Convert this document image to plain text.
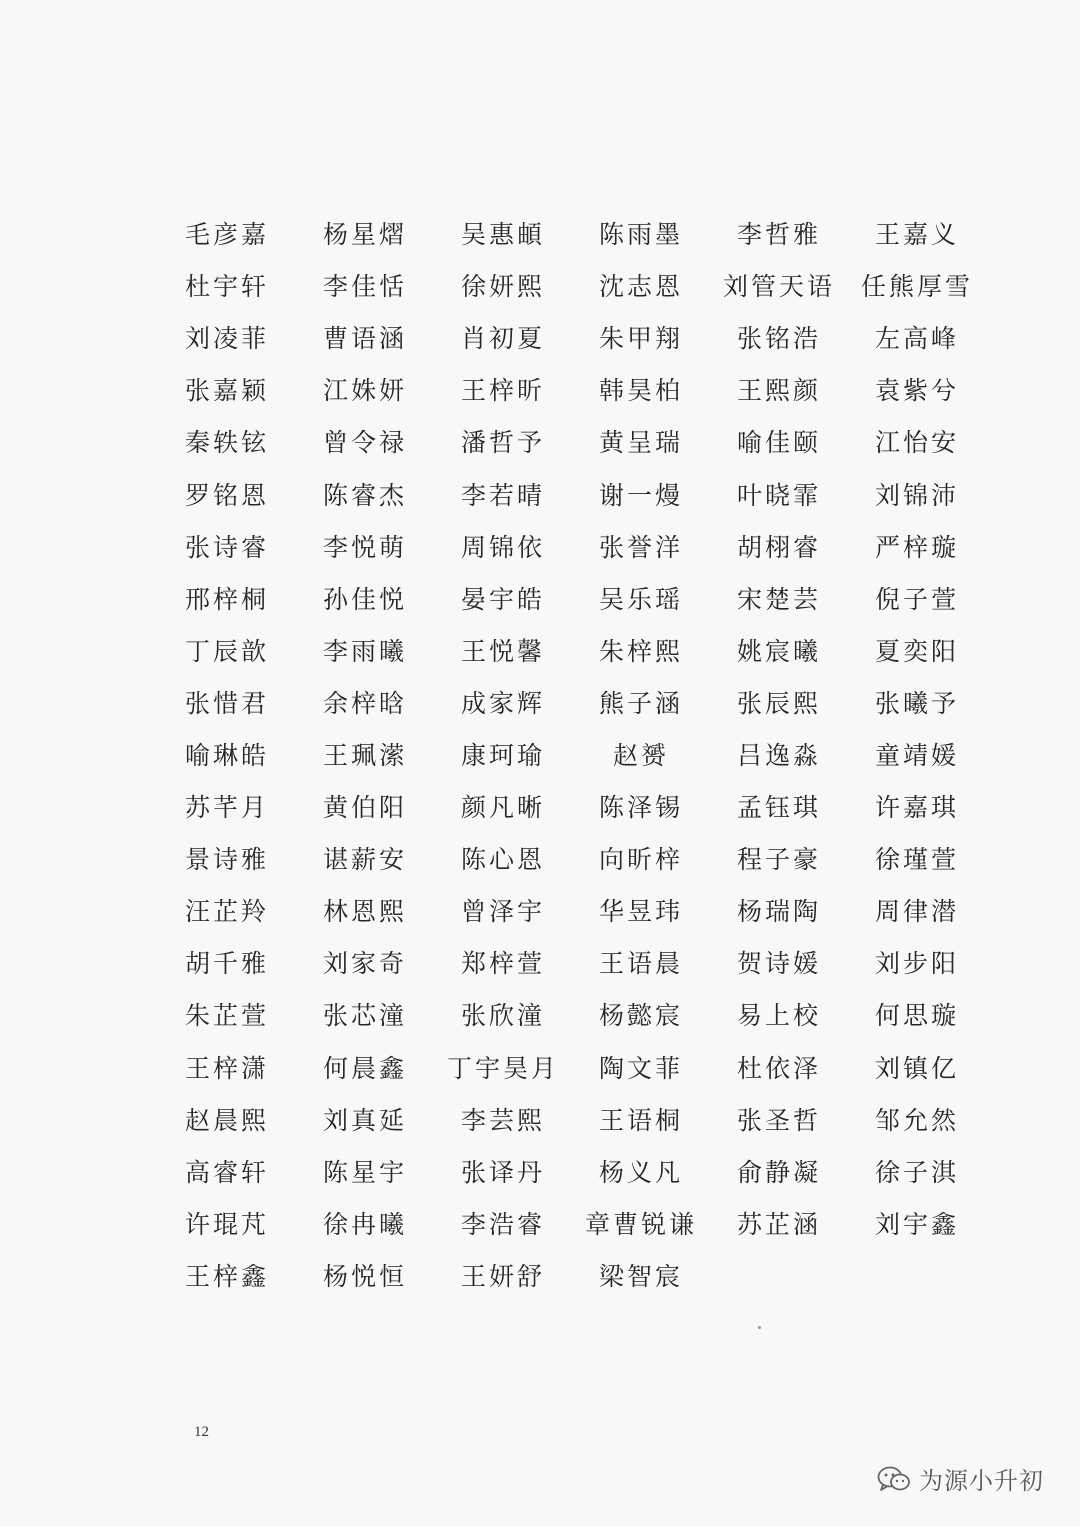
毛彦嘉	杨星熠	吴惠頔	陈雨墨	李哲雅	王嘉义
杜宇轩	李佳恬	徐妍熙	沈志恩	刘管天语	任熊厚雪
刘凌菲	曹语涵	肖初夏	朱甲翔	张铭浩	左高峰
张嘉颖	江姝妍	王梓昕	韩昊柏	王熙颜	袁紫兮
秦轶铉	曾令禄	潘哲予	黄呈瑞	喻佳颐	江怡安
罗铭恩	陈睿杰	李若晴	谢一熳	叶晓霏	刘锦沛
张诗睿	李悦萌	周锦依	张誉洋	胡栩睿	严梓璇
邢梓桐	孙佳悦	晏宇皓	吴乐瑶	宋楚芸	倪子萱
丁辰歆	李雨曦	王悦馨	朱梓熙	姚宸曦	夏奕阳
张惜君	余梓晗	成家辉	熊子涵	张辰熙	张曦予
喻琳皓	王珮潆	康珂瑜	赵赟	吕逸淼	童靖媛
苏芊月	黄伯阳	颜凡晰	陈泽锡	孟钰琪	许嘉琪
景诗雅	谌薪安	陈心恩	向昕梓	程子豪	徐瑾萱
汪芷羚	林恩熙	曾泽宇	华昱玮	杨瑞陶	周律潜
胡千雅	刘家奇	郑梓萱	王语晨	贺诗媛	刘步阳
朱芷萱	张芯潼	张欣潼	杨懿宸	易上校	何思璇
王梓潇	何晨鑫	丁宇昊月	陶文菲	杜依泽	刘镇亿
赵晨熙	刘真延	李芸熙	王语桐	张圣哲	邹允然
高睿轩	陈星宇	张译丹	杨义凡	俞静凝	徐子淇
许琨芃	徐冉曦	李浩睿	章曹锐谦	苏芷涵	刘宇鑫
王梓鑫	杨悦恒	王妍舒	梁智宸
12
为源小升初
